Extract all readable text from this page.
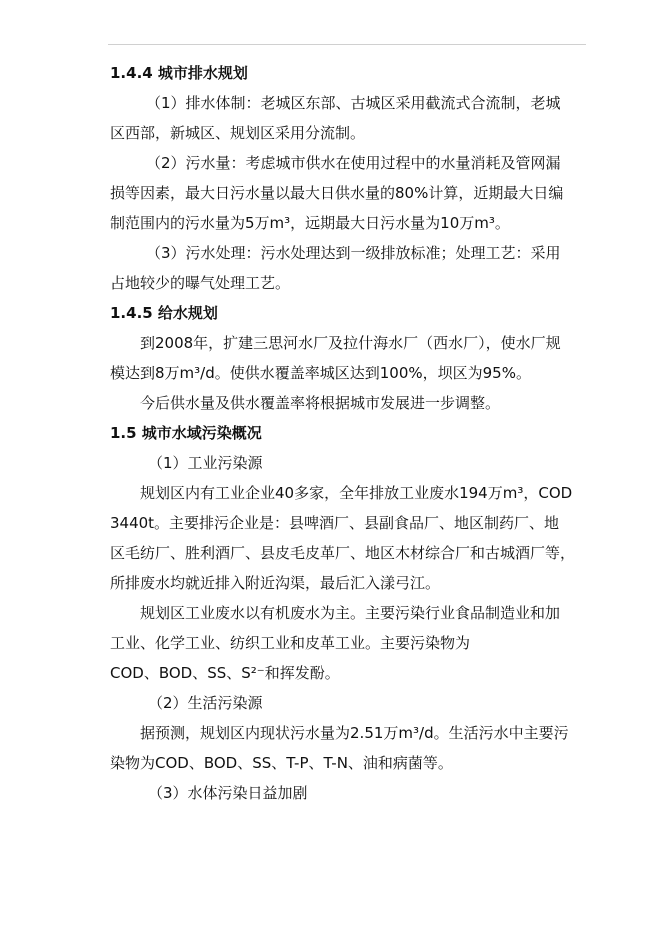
1.4.4 城市排水规划

（1）排水体制：老城区东部、古城区采用截流式合流制，老城
区西部，新城区、规划区采用分流制。

（2）污水量：考虑城市供水在使用过程中的水量消耗及管网漏
损等因素，最大日污水量以最大日供水量的80%计算，近期最大日编
制范围内的污水量为5万m³，远期最大日污水量为10万m³。

（3）污水处理：污水处理达到一级排放标准；处理工艺：采用
占地较少的曝气处理工艺。

1.4.5 给水规划

到2008年，扩建三思河水厂及拉什海水厂（西水厂），使水厂规
模达到8万m³/d。使供水覆盖率城区达到100%，坝区为95%。

今后供水量及供水覆盖率将根据城市发展进一步调整。

1.5 城市水域污染概况

（1）工业污染源

规划区内有工业企业40多家，全年排放工业废水194万m³，COD
3440t。主要排污企业是：县啤酒厂、县副食品厂、地区制药厂、地
区毛纺厂、胜利酒厂、县皮毛皮革厂、地区木材综合厂和古城酒厂等，
所排废水均就近排入附近沟渠，最后汇入漾弓江。

规划区工业废水以有机废水为主。主要污染行业食品制造业和加
工业、化学工业、纺织工业和皮革工业。主要污染物为
COD、BOD、SS、S²⁻和挥发酚。

（2）生活污染源

据预测，规划区内现状污水量为2.51万m³/d。生活污水中主要污
染物为COD、BOD、SS、T-P、T-N、油和病菌等。

（3）水体污染日益加剧
